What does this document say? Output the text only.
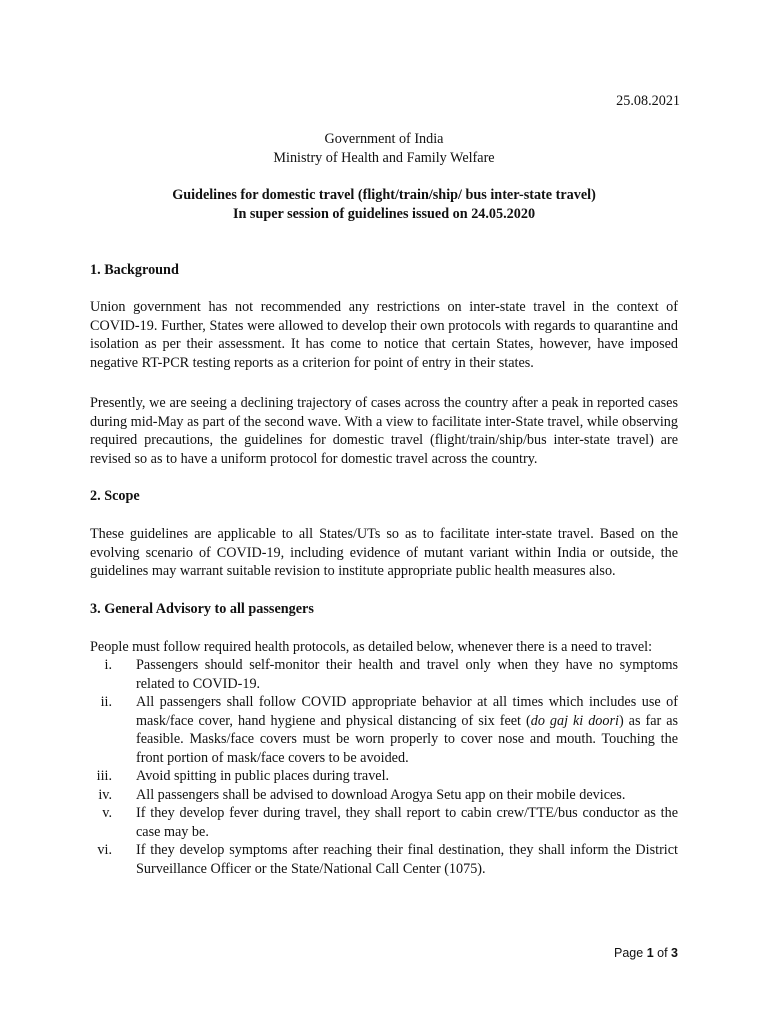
25.08.2021
Government of India
Ministry of Health and Family Welfare
Guidelines for domestic travel (flight/train/ship/ bus inter-state travel)
In super session of guidelines issued on 24.05.2020
1. Background
Union government has not recommended any restrictions on inter-state travel in the context of COVID-19. Further, States were allowed to develop their own protocols with regards to quarantine and isolation as per their assessment. It has come to notice that certain States, however, have imposed negative RT-PCR testing reports as a criterion for point of entry in their states.
Presently, we are seeing a declining trajectory of cases across the country after a peak in reported cases during mid-May as part of the second wave. With a view to facilitate inter-State travel, while observing required precautions, the guidelines for domestic travel (flight/train/ship/bus inter-state travel) are revised so as to have a uniform protocol for domestic travel across the country.
2. Scope
These guidelines are applicable to all States/UTs so as to facilitate inter-state travel. Based on the evolving scenario of COVID-19, including evidence of mutant variant within India or outside, the guidelines may warrant suitable revision to institute appropriate public health measures also.
3. General Advisory to all passengers
People must follow required health protocols, as detailed below, whenever there is a need to travel:
i. Passengers should self-monitor their health and travel only when they have no symptoms related to COVID-19.
ii. All passengers shall follow COVID appropriate behavior at all times which includes use of mask/face cover, hand hygiene and physical distancing of six feet (do gaj ki doori) as far as feasible. Masks/face covers must be worn properly to cover nose and mouth. Touching the front portion of mask/face covers to be avoided.
iii. Avoid spitting in public places during travel.
iv. All passengers shall be advised to download Arogya Setu app on their mobile devices.
v. If they develop fever during travel, they shall report to cabin crew/TTE/bus conductor as the case may be.
vi. If they develop symptoms after reaching their final destination, they shall inform the District Surveillance Officer or the State/National Call Center (1075).
Page 1 of 3
